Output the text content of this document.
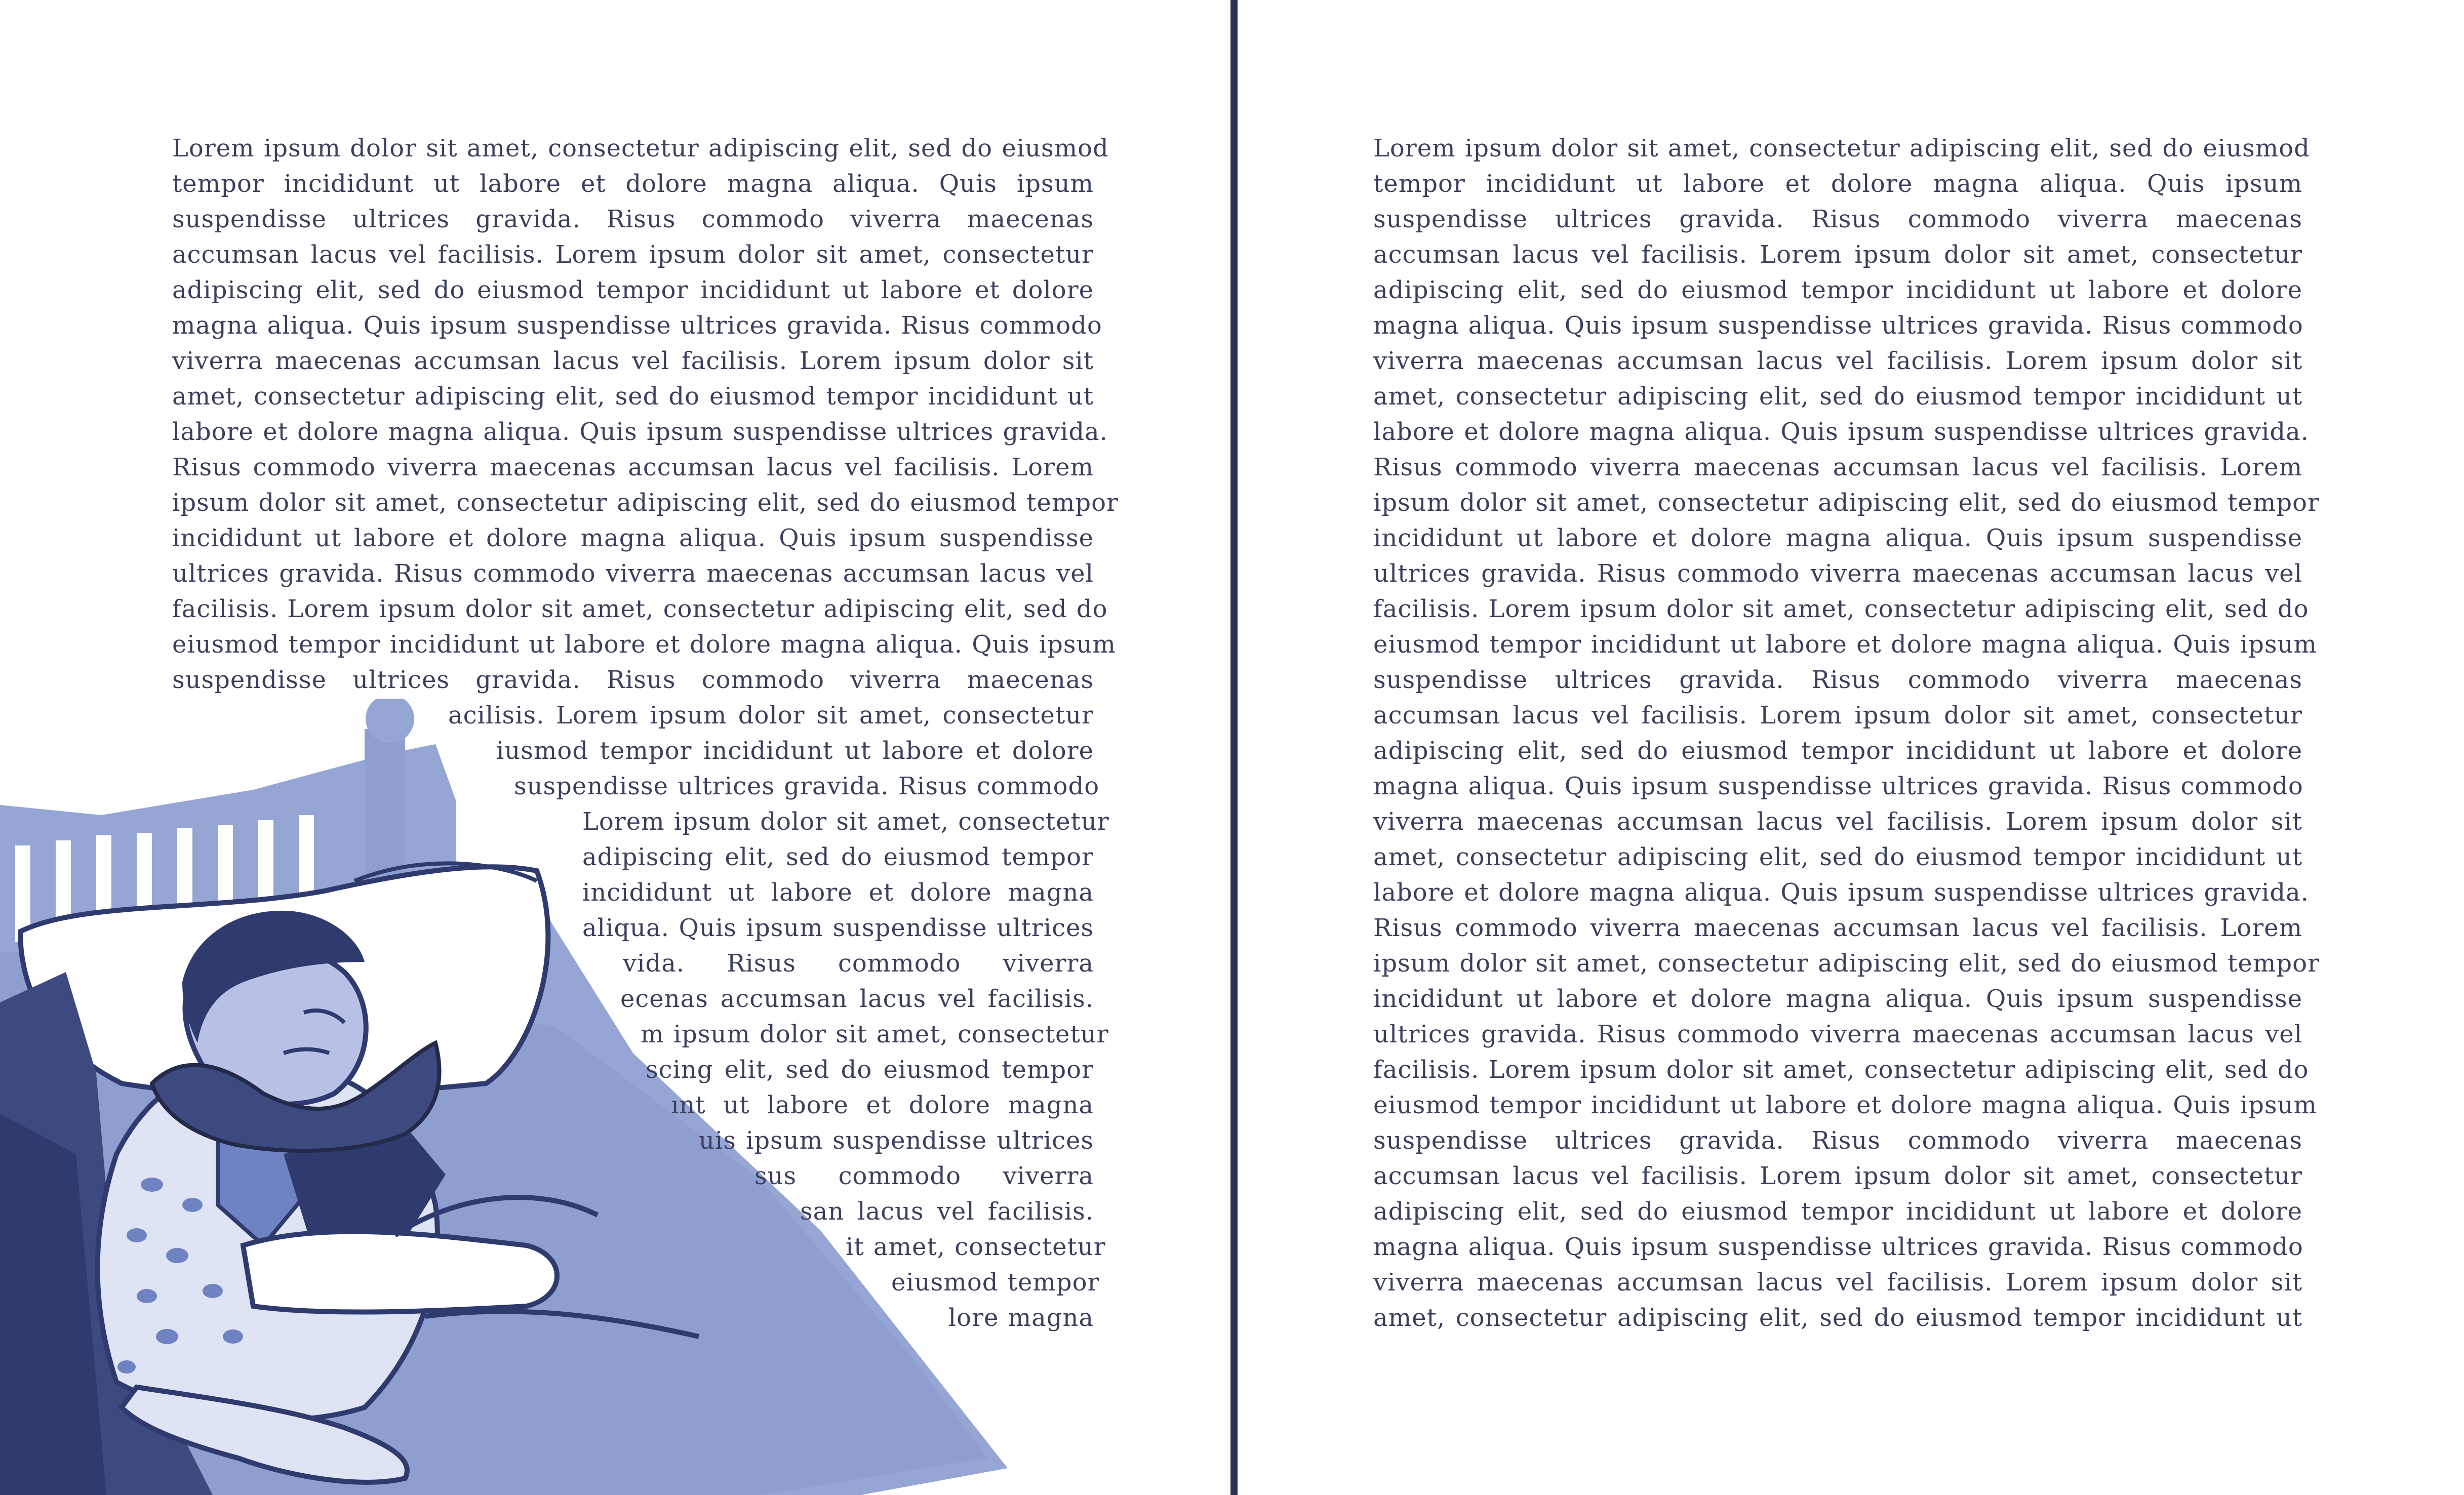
Lorem ipsum dolor sit amet, consectetur adipiscing elit, sed do eiusmod
tempor incididunt ut labore et dolore magna aliqua. Quis ipsum
suspendisse ultrices gravida. Risus commodo viverra maecenas
accumsan lacus vel facilisis. Lorem ipsum dolor sit amet, consectetur
adipiscing elit, sed do eiusmod tempor incididunt ut labore et dolore
magna aliqua. Quis ipsum suspendisse ultrices gravida. Risus commodo
viverra maecenas accumsan lacus vel facilisis. Lorem ipsum dolor sit
amet, consectetur adipiscing elit, sed do eiusmod tempor incididunt ut
labore et dolore magna aliqua. Quis ipsum suspendisse ultrices gravida.
Risus commodo viverra maecenas accumsan lacus vel facilisis. Lorem
ipsum dolor sit amet, consectetur adipiscing elit, sed do eiusmod tempor
incididunt ut labore et dolore magna aliqua. Quis ipsum suspendisse
ultrices gravida. Risus commodo viverra maecenas accumsan lacus vel
facilisis. Lorem ipsum dolor sit amet, consectetur adipiscing elit, sed do
eiusmod tempor incididunt ut labore et dolore magna aliqua. Quis ipsum
suspendisse ultrices gravida. Risus commodo viverra maecenas
acilisis. Lorem ipsum dolor sit amet, consectetur
iusmod tempor incididunt ut labore et dolore
suspendisse ultrices gravida. Risus commodo
Lorem ipsum dolor sit amet, consectetur
adipiscing elit, sed do eiusmod tempor
incididunt ut labore et dolore magna
aliqua. Quis ipsum suspendisse ultrices
vida. Risus commodo viverra
ecenas accumsan lacus vel facilisis.
m ipsum dolor sit amet, consectetur
scing elit, sed do eiusmod tempor
ınt ut labore et dolore magna
uis ipsum suspendisse ultrices
sus commodo viverra
san lacus vel facilisis.
it amet, consectetur
eiusmod tempor
lore magna
Lorem ipsum dolor sit amet, consectetur adipiscing elit, sed do eiusmod
tempor incididunt ut labore et dolore magna aliqua. Quis ipsum
suspendisse ultrices gravida. Risus commodo viverra maecenas
accumsan lacus vel facilisis. Lorem ipsum dolor sit amet, consectetur
adipiscing elit, sed do eiusmod tempor incididunt ut labore et dolore
magna aliqua. Quis ipsum suspendisse ultrices gravida. Risus commodo
viverra maecenas accumsan lacus vel facilisis. Lorem ipsum dolor sit
amet, consectetur adipiscing elit, sed do eiusmod tempor incididunt ut
labore et dolore magna aliqua. Quis ipsum suspendisse ultrices gravida.
Risus commodo viverra maecenas accumsan lacus vel facilisis. Lorem
ipsum dolor sit amet, consectetur adipiscing elit, sed do eiusmod tempor
incididunt ut labore et dolore magna aliqua. Quis ipsum suspendisse
ultrices gravida. Risus commodo viverra maecenas accumsan lacus vel
facilisis. Lorem ipsum dolor sit amet, consectetur adipiscing elit, sed do
eiusmod tempor incididunt ut labore et dolore magna aliqua. Quis ipsum
suspendisse ultrices gravida. Risus commodo viverra maecenas
accumsan lacus vel facilisis. Lorem ipsum dolor sit amet, consectetur
adipiscing elit, sed do eiusmod tempor incididunt ut labore et dolore
magna aliqua. Quis ipsum suspendisse ultrices gravida. Risus commodo
viverra maecenas accumsan lacus vel facilisis. Lorem ipsum dolor sit
amet, consectetur adipiscing elit, sed do eiusmod tempor incididunt ut
labore et dolore magna aliqua. Quis ipsum suspendisse ultrices gravida.
Risus commodo viverra maecenas accumsan lacus vel facilisis. Lorem
ipsum dolor sit amet, consectetur adipiscing elit, sed do eiusmod tempor
incididunt ut labore et dolore magna aliqua. Quis ipsum suspendisse
ultrices gravida. Risus commodo viverra maecenas accumsan lacus vel
facilisis. Lorem ipsum dolor sit amet, consectetur adipiscing elit, sed do
eiusmod tempor incididunt ut labore et dolore magna aliqua. Quis ipsum
suspendisse ultrices gravida. Risus commodo viverra maecenas
accumsan lacus vel facilisis. Lorem ipsum dolor sit amet, consectetur
adipiscing elit, sed do eiusmod tempor incididunt ut labore et dolore
magna aliqua. Quis ipsum suspendisse ultrices gravida. Risus commodo
viverra maecenas accumsan lacus vel facilisis. Lorem ipsum dolor sit
amet, consectetur adipiscing elit, sed do eiusmod tempor incididunt ut
